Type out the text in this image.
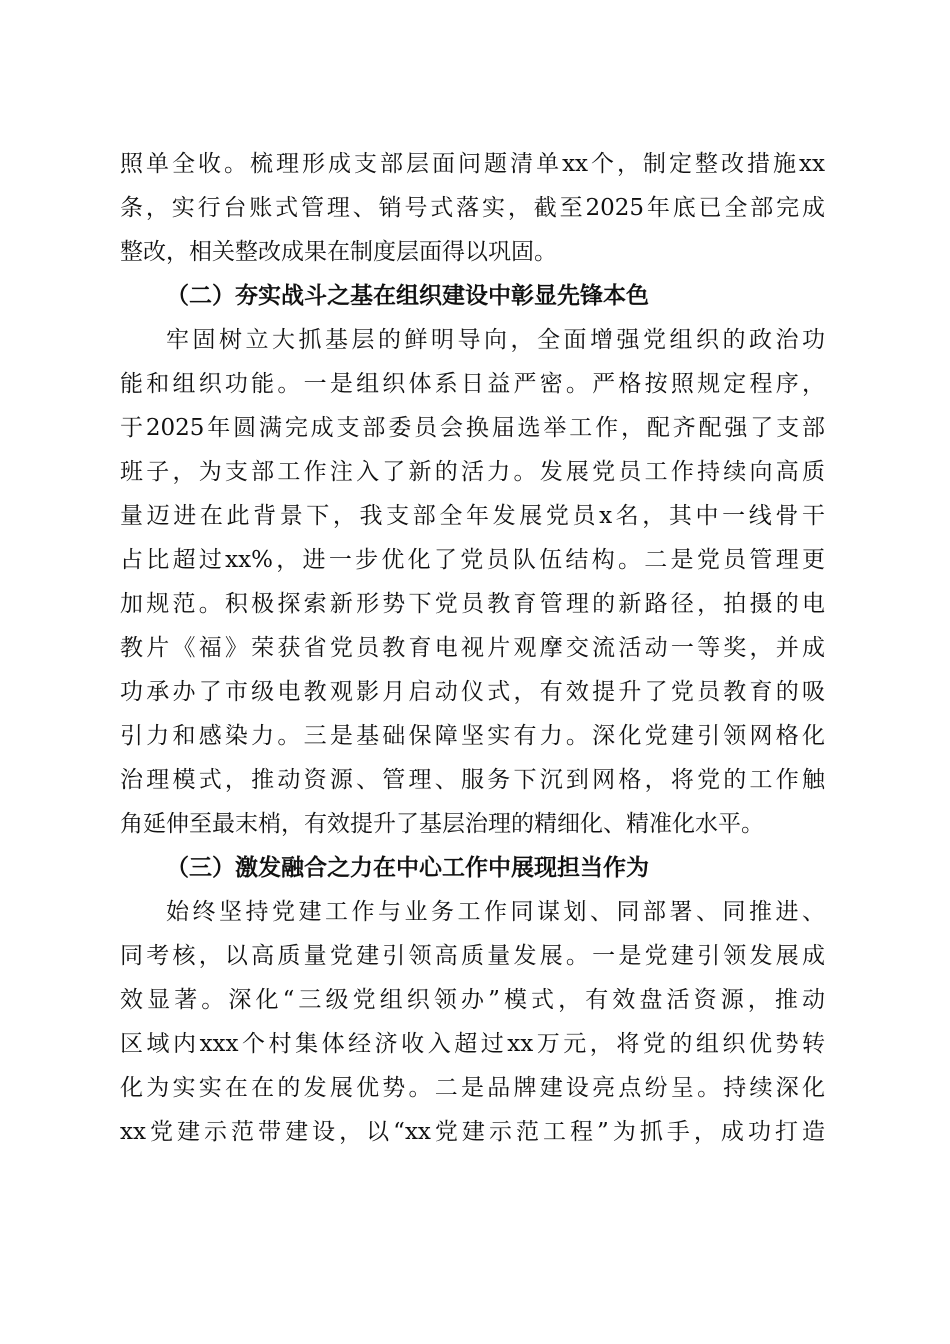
照单全收。梳理形成支部层面问题清单xx个，制定整改措施xx
条，实行台账式管理、销号式落实，截至2025年底已全部完成
整改，相关整改成果在制度层面得以巩固。
（二）夯实战斗之基在组织建设中彰显先锋本色
牢固树立大抓基层的鲜明导向，全面增强党组织的政治功
能和组织功能。一是组织体系日益严密。严格按照规定程序，
于2025年圆满完成支部委员会换届选举工作，配齐配强了支部
班子，为支部工作注入了新的活力。发展党员工作持续向高质
量迈进在此背景下，我支部全年发展党员x名，其中一线骨干
占比超过xx%，进一步优化了党员队伍结构。二是党员管理更
加规范。积极探索新形势下党员教育管理的新路径，拍摄的电
教片《福》荣获省党员教育电视片观摩交流活动一等奖，并成
功承办了市级电教观影月启动仪式，有效提升了党员教育的吸
引力和感染力。三是基础保障坚实有力。深化党建引领网格化
治理模式，推动资源、管理、服务下沉到网格，将党的工作触
角延伸至最末梢，有效提升了基层治理的精细化、精准化水平。
（三）激发融合之力在中心工作中展现担当作为
始终坚持党建工作与业务工作同谋划、同部署、同推进、
同考核，以高质量党建引领高质量发展。一是党建引领发展成
效显著。深化“三级党组织领办”模式，有效盘活资源，推动
区域内xxx个村集体经济收入超过xx万元，将党的组织优势转
化为实实在在的发展优势。二是品牌建设亮点纷呈。持续深化
xx党建示范带建设，以“xx党建示范工程”为抓手，成功打造
